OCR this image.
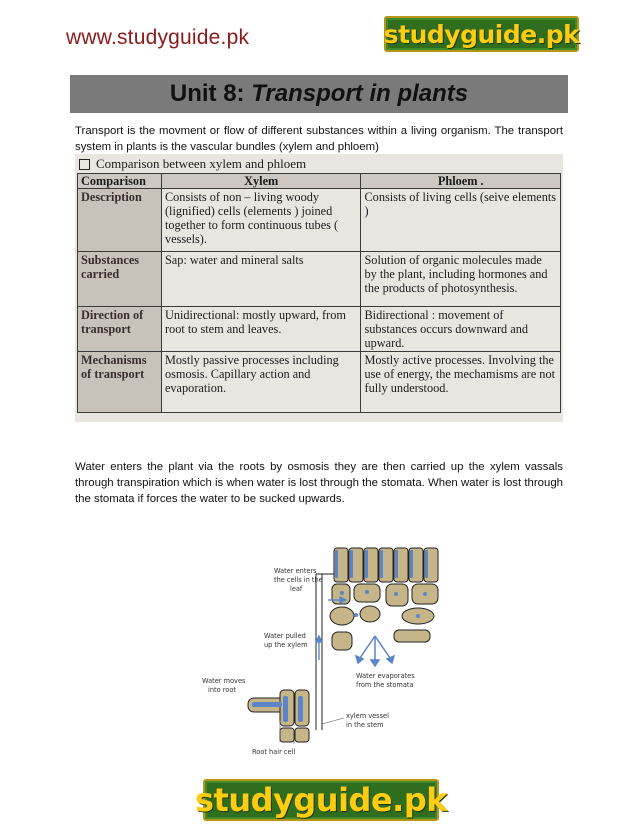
www.studyguide.pk	studyguide.pk
Unit 8: Transport in plants
Transport is the movment or flow of different substances within a living organism. The transport system in plants is the vascular bundles (xylem and phloem)
Comparison between xylem and phloem
Comparison	Xylem	Phloem .
Description	Consists of non – living woody (lignified) cells (elements ) joined together to form continuous tubes ( vessels).	Consists of living cells (seive elements )
Substances carried	Sap: water and mineral salts	Solution of organic molecules made by the plant, including hormones and the products of photosynthesis.
Direction of transport	Unidirectional: mostly upward, from root to stem and leaves.	Bidirectional : movement of substances occurs downward and upward.
Mechanisms of transport	Mostly passive processes including osmosis. Capillary action and evaporation.	Mostly active processes. Involving the use of energy, the mechamisms are not fully understood.
Water enters the plant via the roots by osmosis they are then carried up the xylem vassals through transpiration which is when water is lost through the stomata. When water is lost through the stomata if forces the water to be sucked upwards.
Water enters
the cells in the
leaf
Water pulled
up the xylem
Water moves
into root
Water evaporates
from the stomata
xylem vessel
in the stem
Root hair cell
studyguide.pk
